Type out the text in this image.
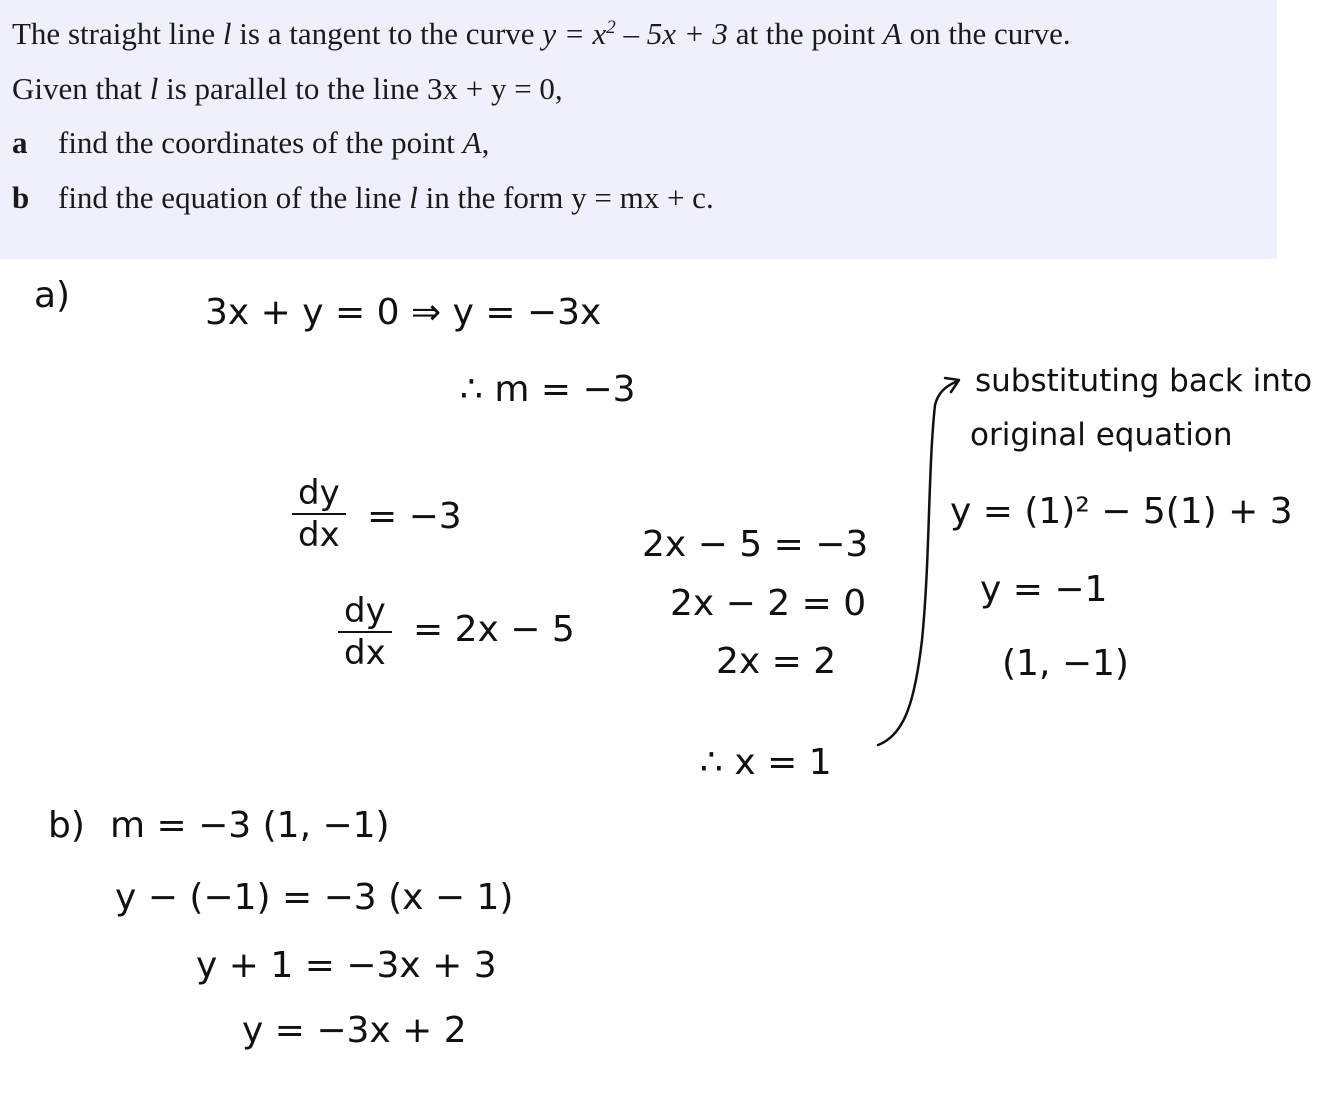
The straight line l is a tangent to the curve $y = x^2 - 5x + 3$ at the point A on the curve.

Given that l is parallel to the line 3x + y = 0,

a find the coordinates of the point A,

b find the equation of the line l in the form y = mx + c.

a)	3x + y = 0 ⇒ y = −3x

∴ m = −3

dy
dx = −3

dy
dx

= 2x − 5

2x − 5 = −3

2x − 2 = 0

2x = 2

∴ x = 1

substituting back into

original equation

y = (1)² − 5(1) + 3

y = −1

(1, −1)

b) m = −3 (1, −1)

y − (−1) = −3 (x − 1)

y + 1 = −3x + 3

y = −3x + 2
